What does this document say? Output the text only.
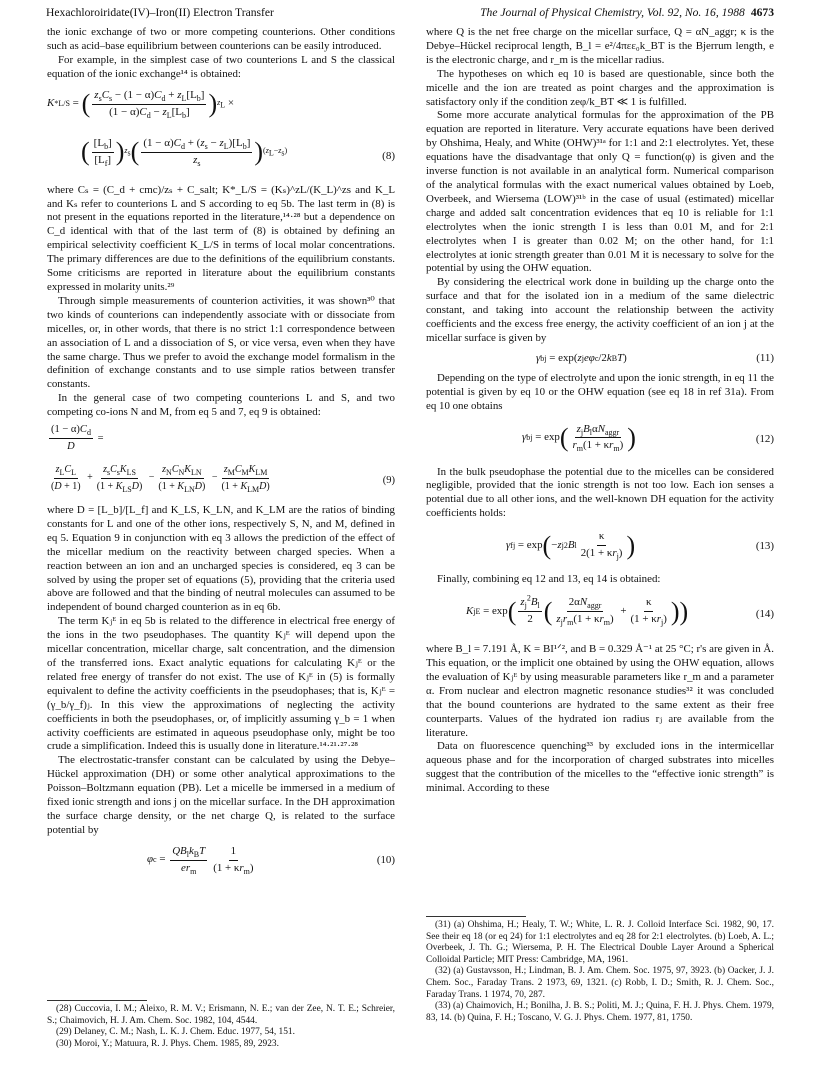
Hexachloroiridate(IV)–Iron(II) Electron Transfer	The Journal of Physical Chemistry, Vol. 92, No. 16, 1988 4673

the ionic exchange of two or more competing counterions. Other conditions such as acid–base equilibrium between counterions can be easily introduced.

For example, in the simplest case of two counterions L and S the classical equation of the ionic exchange¹⁴ is obtained:

K * L/S = ( $\frac{z_sC_s - (1 - \alpha)C_d + z_L[L_b]}{(1 - \alpha)C_d - z_L[L_b]}$ ) $z_L$ ×
( $\frac{[L_b]}{[L_f]}$ ) $z_s$ ( $\frac{(1 - \alpha)C_d + (z_s - z_L)[L_b]}{z_s}$ ) $(z_L-z_s)$	(8)

where Cₛ = (C_d + cmc)/zₛ + C_salt; K*_L/S = (Kₛ)^zL/(K_L)^zs and K_L and Kₛ refer to counterions L and S according to eq 5b. The last term in (8) is not present in the equations reported in the literature,¹⁴·²⁸ but a dependence on C_d identical with that of the last term of (8) is obtained by defining an empirical selectivity coefficient K_L/S in terms of local molar concentrations. The primary differences are due to the definitions of the equilibrium constants. Some criticisms are reported in literature about the equilibrium constants expressed in molarity units.²⁹

Through simple measurements of counterion activities, it was shown³⁰ that two kinds of counterions can independently associate with or dissociate from micelles, or, in other words, that there is no strict 1:1 correspondence between an association of L and a dissociation of S, or vice versa, even when they have the same charge. Thus we prefer to avoid the exchange model formalism in the definition of exchange constants and to use simple ratios between transfer constants.

In the general case of two competing counterions L and S, and two competing co-ions N and M, from eq 5 and 7, eq 9 is obtained:

$\frac{(1 - \alpha)C_d}{D}$ =
$\frac{z_LC_L}{(D + 1)} + \frac{z_sC_sK_{LS}}{(1 + K_{LS}D)} - \frac{z_NC_NK_{LN}}{(1 + K_{LN}D)} - \frac{z_MC_MK_{LM}}{(1 + K_{LM}D)}$	(9)

where D = [L_b]/[L_f] and K_LS, K_LN, and K_LM are the ratios of binding constants for L and one of the other ions, respectively S, N, and M, defined in eq 5. Equation 9 in conjunction with eq 3 allows the prediction of the effect of the micellar medium on the reactivity between charged species. When a reaction between an ion and an uncharged species is considered, eq 3 can be solved by using the proper set of equations (5), providing that the criteria used above are followed and that the binding of neutral molecules can assumed to be independent of bound charged counterion as in eq 6b.

The term Kⱼᴱ in eq 5b is related to the difference in electrical free energy of the ions in the two pseudophases. The quantity Kⱼᴱ will depend upon the micellar concentration, micellar charge, salt concentration, and the dimension of the transferred ions. Exact analytic equations for calculating Kⱼᴱ or the related free energy of transfer do not exist. The use of Kⱼᴱ in (5) is formally equivalent to define the activity coefficients in the pseudophases; that is, Kⱼᴱ = (γ_b/γ_f)ⱼ. In this view the approximations of neglecting the activity coefficients in both the pseudophases, or, of implicitly assuming γ_b = 1 when activity coefficients are estimated in aqueous pseudophase only, might be too crude a simplification. Indeed this is usually done in literature.¹⁴·²¹·²⁷·²⁸

The electrostatic-transfer constant can be calculated by using the Debye–Hückel approximation (DH) or some other analytical approximations to the Poisson–Boltzmann equation (PB). Let a micelle be immersed in a medium of fixed ionic strength and ions j on the micellar surface. In the DH approximation the surface charge density, or the net charge Q, is related to the surface potential by

φ $c = \frac{QB_lk_BT}{er_m} \frac{1}{(1 + \kappa r_m)}$	(10)

(28) Cuccovia, I. M.; Aleixo, R. M. V.; Erismann, N. E.; van der Zee, N. T. E.; Schreier, S.; Chaimovich, H. J. Am. Chem. Soc. 1982, 104, 4544.

(29) Delaney, C. M.; Nash, L. K. J. Chem. Educ. 1977, 54, 151.

(30) Moroi, Y.; Matuura, R. J. Phys. Chem. 1985, 89, 2923.

where Q is the net free charge on the micellar surface, Q = αN_aggr; κ is the Debye–Hückel reciprocal length, B_l = e²/4πεε₀k_BT is the Bjerrum length, e is the electronic charge, and r_m is the micellar radius.

The hypotheses on which eq 10 is based are questionable, since both the micelle and the ion are treated as point charges and the approximation is satisfactory only if the condition zeφ/k_BT ≪ 1 is fulfilled.

Some more accurate analytical formulas for the approximation of the PB equation are reported in literature. Very accurate equations have been derived by Ohshima, Healy, and White (OHW)³¹ᵃ for 1:1 and 2:1 electrolytes. Yet, these equations have the disadvantage that only Q = function(φ) is given and the inverse function is not available in an analytical form. Numerical comparison of the analytical formulas with the exact numerical values obtained by Loeb, Overbeek, and Wiersema (LOW)³¹ᵇ in the case of usual (estimated) micellar charge and added salt concentration evidences that eq 10 is reliable for 1:1 electrolytes when the ionic strength I is less than 0.01 M, and for 2:1 electrolytes when I is greater than 0.02 M; on the other hand, for 1:1 electrolytes at ionic strength greater than 0.01 M it is necessary to solve for the potential by using the OHW equation.

By considering the electrical work done in building up the charge onto the surface and that for the isolated ion in a medium of the same dielectric constant, and taking into account the relationship between the activity coefficients and the excess free energy, the activity coefficient of an ion j at the micellar surface is given by

γ b j = exp( z j eφ c /2 k B T )	(11)

Depending on the type of electrolyte and upon the ionic strength, in eq 11 the potential is given by eq 10 or the OHW equation (see eq 18 in ref 31a). From eq 10 one obtains

γ b j = exp ( $\frac{z_jB_l\alpha N_{aggr}}{r_m(1 + \kappa r_m)}$ )	(12)

In the bulk pseudophase the potential due to the micelles can be considered negligible, provided that the ionic strength is not too low. Each ion senses a potential due to all other ions, and the well-known DH equation for the activity coefficients holds:

γ f j = exp ( − z j 2 B l $\frac{\kappa}{2(1 + \kappa r_j)}$ )	(13)

Finally, combining eq 12 and 13, eq 14 is obtained:

K j E = exp ( $\frac{z_j^2B_l}{2}$ ( $\frac{2\alpha N_{aggr}}{z_jr_m(1 + \kappa r_m)} + \frac{\kappa}{(1 + \kappa r_j)}$ ) )	(14)

where B_l = 7.191 Å, K = BI¹ᐟ², and B = 0.329 Å⁻¹ at 25 °C; r's are given in Å. This equation, or the implicit one obtained by using the OHW equation, allows the evaluation of Kⱼᴱ by using measurable parameters like r_m and a parameter α. From nuclear and electron magnetic resonance studies³² it was concluded that the bound counterions are hydrated to the same extent as their free counterparts. Values of the hydrated ion radius rⱼ are available from the literature.

Data on fluorescence quenching³³ by excluded ions in the intermicellar aqueous phase and for the incorporation of charged substrates into micelles suggest that the contribution of the micelles to the “effective ionic strength” is minimal. According to these

(31) (a) Ohshima, H.; Healy, T. W.; White, L. R. J. Colloid Interface Sci. 1982, 90, 17. See their eq 18 (or eq 24) for 1:1 electrolytes and eq 28 for 2:1 electrolytes. (b) Loeb, A. L.; Overbeek, J. Th. G.; Wiersema, P. H. The Electrical Double Layer Around a Spherical Colloidal Particle; MIT Press: Cambridge, MA, 1961.

(32) (a) Gustavsson, H.; Lindman, B. J. Am. Chem. Soc. 1975, 97, 3923. (b) Oacker, J. J. Chem. Soc., Faraday Trans. 2 1973, 69, 1321. (c) Robb, I. D.; Smith, R. J. Chem. Soc., Faraday Trans. 1 1974, 70, 287.

(33) (a) Chaimovich, H.; Bonilha, J. B. S.; Politi, M. J.; Quina, F. H. J. Phys. Chem. 1979, 83, 14. (b) Quina, F. H.; Toscano, V. G. J. Phys. Chem. 1977, 81, 1750.
